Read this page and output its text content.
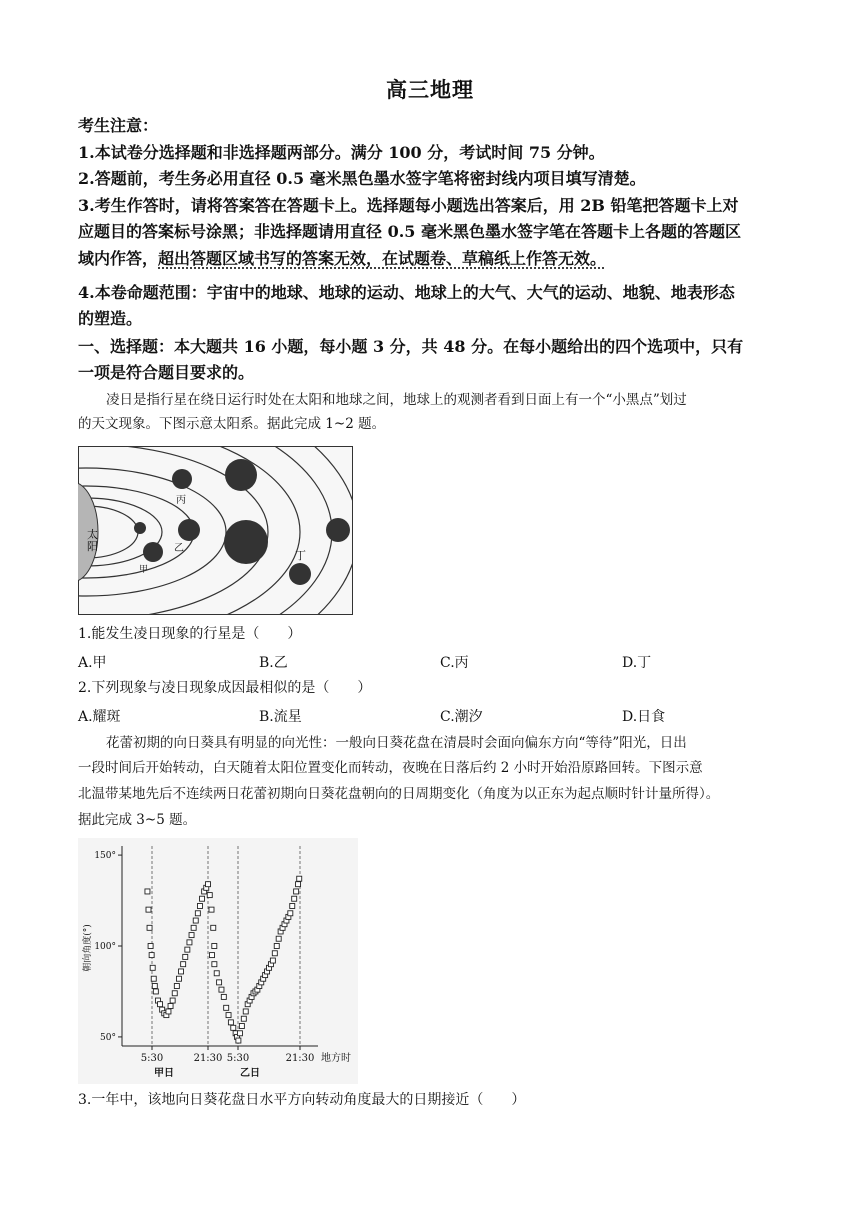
高三地理
考生注意：
1.本试卷分选择题和非选择题两部分。满分 100 分，考试时间 75 分钟。
2.答题前，考生务必用直径 0.5 毫米黑色墨水签字笔将密封线内项目填写清楚。
3.考生作答时，请将答案答在答题卡上。选择题每小题选出答案后，用 2B 铅笔把答题卡上对
应题目的答案标号涂黑；非选择题请用直径 0.5 毫米黑色墨水签字笔在答题卡上各题的答题区
域内作答，超出答题区域书写的答案无效，在试题卷、草稿纸上作答无效。
4.本卷命题范围：宇宙中的地球、地球的运动、地球上的大气、大气的运动、地貌、地表形态
的塑造。
一、选择题：本大题共 16 小题，每小题 3 分，共 48 分。在每小题给出的四个选项中，只有
一项是符合题目要求的。
凌日是指行星在绕日运行时处在太阳和地球之间，地球上的观测者看到日面上有一个“小黑点”划过
的天文现象。下图示意太阳系。据此完成 1~2 题。
太
阳
甲
乙
丙
丁
1.能发生凌日现象的行星是（　　）
A.甲	B.乙	C.丙	D.丁
2.下列现象与凌日现象成因最相似的是（　　）
A.耀斑	B.流星	C.潮汐	D.日食
花蕾初期的向日葵具有明显的向光性：一般向日葵花盘在清晨时会面向偏东方向“等待”阳光，日出
一段时间后开始转动，白天随着太阳位置变化而转动，夜晚在日落后约 2 小时开始沿原路回转。下图示意
北温带某地先后不连续两日花蕾初期向日葵花盘朝向的日周期变化（角度为以正东为起点顺时针计量所得）。
据此完成 3~5 题。
朝向角度(°)
地方时
50°
100°
150°
5:30	21:30 5:30	21:30
甲日	乙日
3.一年中，该地向日葵花盘日水平方向转动角度最大的日期接近（　　）
